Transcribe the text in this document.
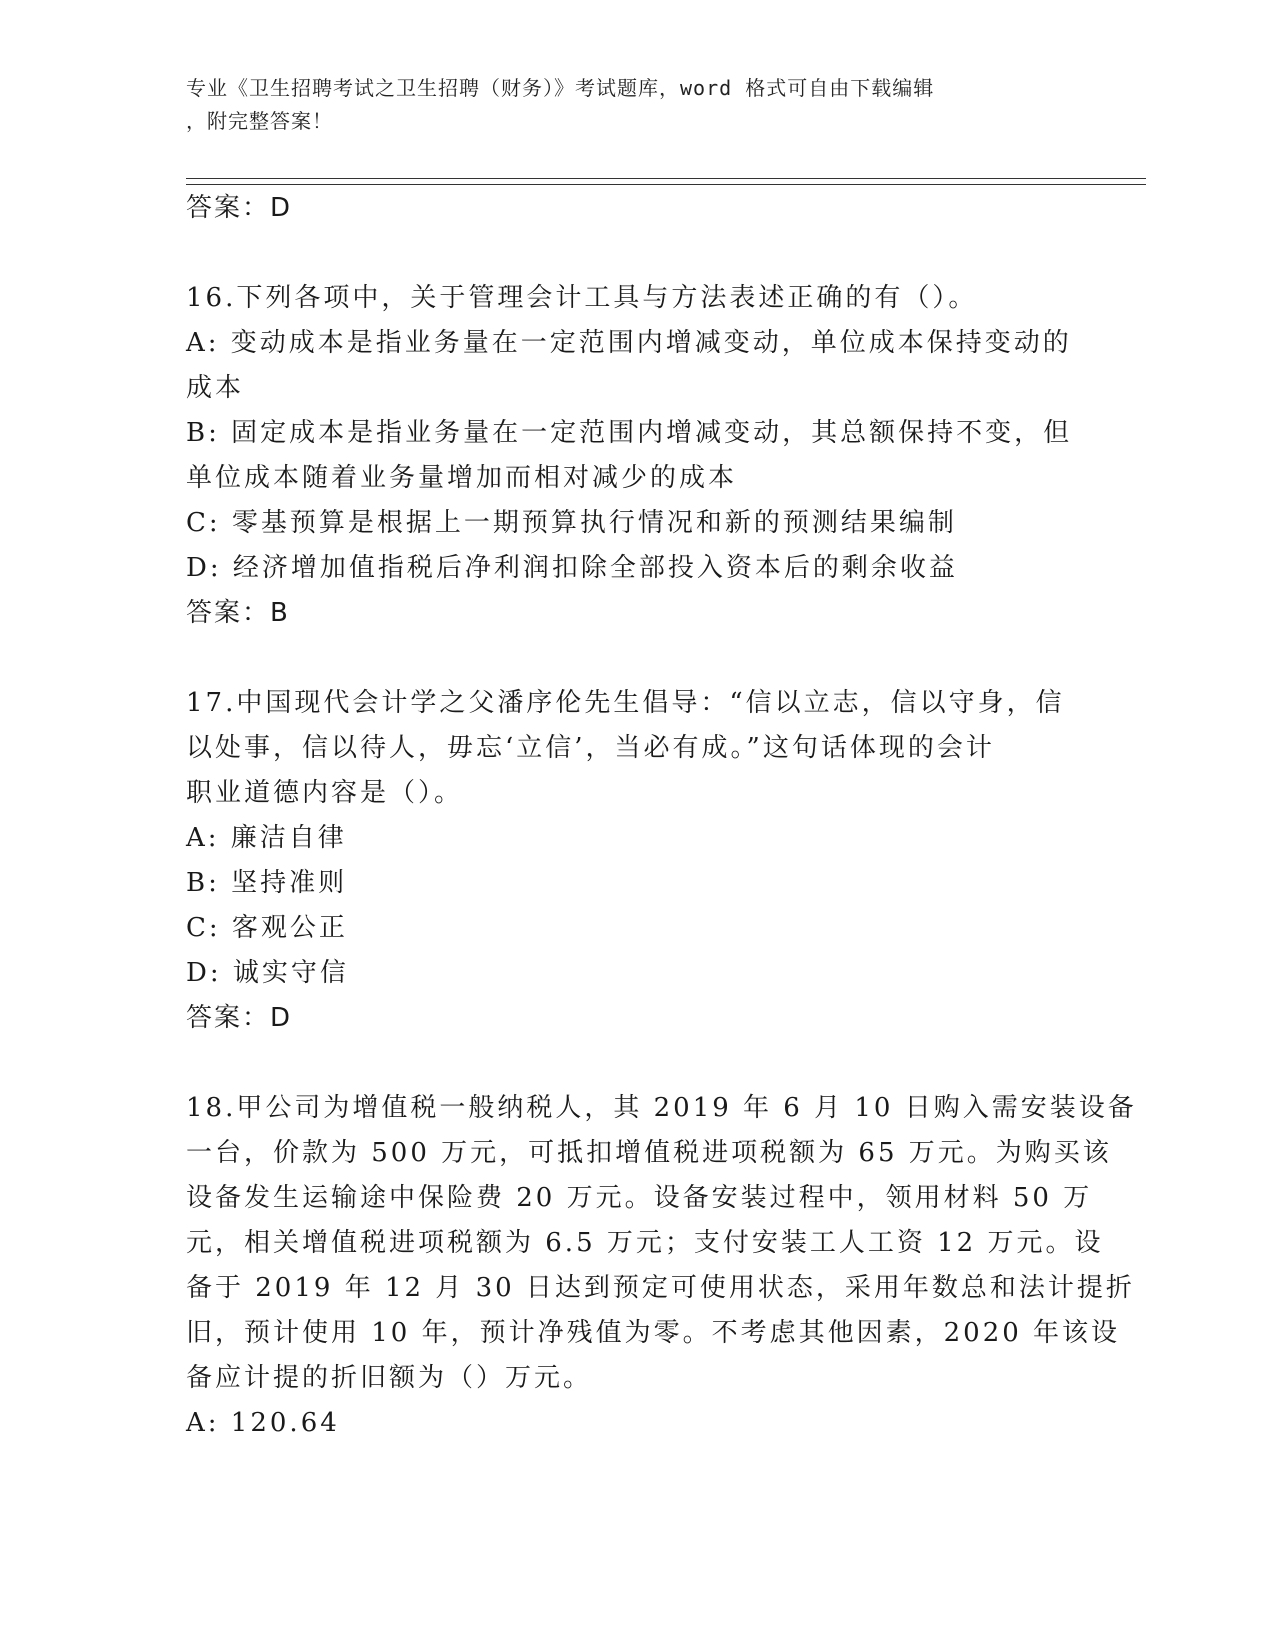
专业《卫生招聘考试之卫生招聘（财务）》考试题库，word 格式可自由下载编辑
，附完整答案！
答案：D
16.下列各项中，关于管理会计工具与方法表述正确的有（）。
A: 变动成本是指业务量在一定范围内增减变动，单位成本保持变动的
成本
B: 固定成本是指业务量在一定范围内增减变动，其总额保持不变，但
单位成本随着业务量增加而相对减少的成本
C: 零基预算是根据上一期预算执行情况和新的预测结果编制
D: 经济增加值指税后净利润扣除全部投入资本后的剩余收益
答案：B
17.中国现代会计学之父潘序伦先生倡导：“信以立志，信以守身，信
以处事，信以待人，毋忘‘立信’，当必有成。”这句话体现的会计
职业道德内容是（）。
A: 廉洁自律
B: 坚持准则
C: 客观公正
D: 诚实守信
答案：D
18.甲公司为增值税一般纳税人，其 2019 年 6 月 10 日购入需安装设备
一台，价款为 500 万元，可抵扣增值税进项税额为 65 万元。为购买该
设备发生运输途中保险费 20 万元。设备安装过程中，领用材料 50 万
元，相关增值税进项税额为 6.5 万元；支付安装工人工资 12 万元。设
备于 2019 年 12 月 30 日达到预定可使用状态，采用年数总和法计提折
旧，预计使用 10 年，预计净残值为零。不考虑其他因素，2020 年该设
备应计提的折旧额为（）万元。
A: 120.64
